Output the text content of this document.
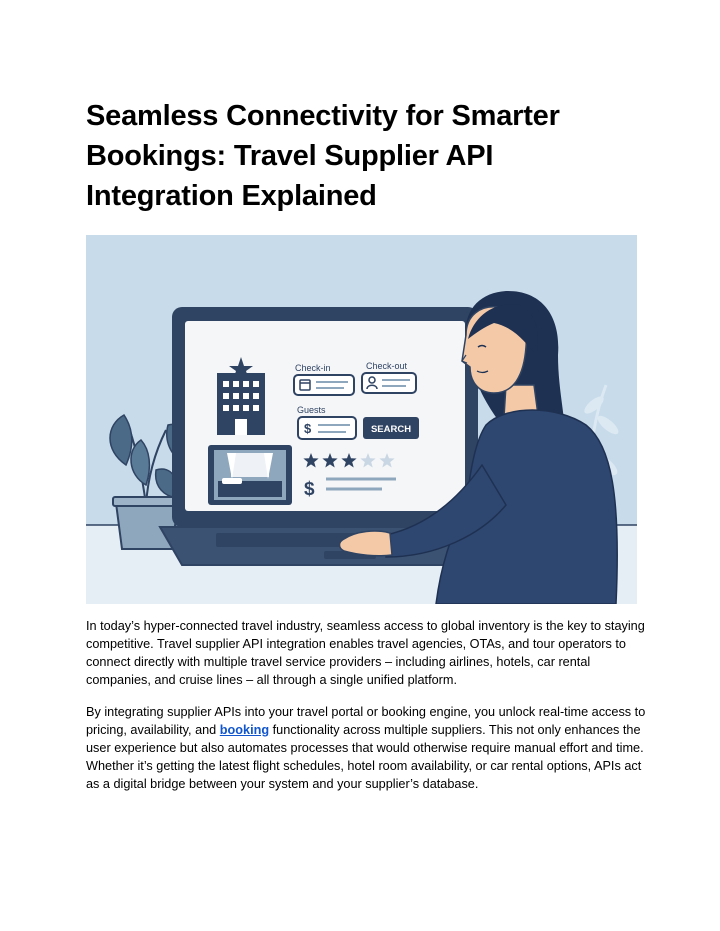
Seamless Connectivity for Smarter Bookings: Travel Supplier API Integration Explained
Check-in	Check-out
Guests
$	SEARCH
$

In today’s hyper-connected travel industry, seamless access to global inventory is the key to staying competitive. Travel supplier API integration enables travel agencies, OTAs, and tour operators to connect directly with multiple travel service providers – including airlines, hotels, car rental companies, and cruise lines – all through a single unified platform.

By integrating supplier APIs into your travel portal or booking engine, you unlock real-time access to pricing, availability, and booking functionality across multiple suppliers. This not only enhances the user experience but also automates processes that would otherwise require manual effort and time. Whether it’s getting the latest flight schedules, hotel room availability, or car rental options, APIs act as a digital bridge between your system and your supplier’s database.
